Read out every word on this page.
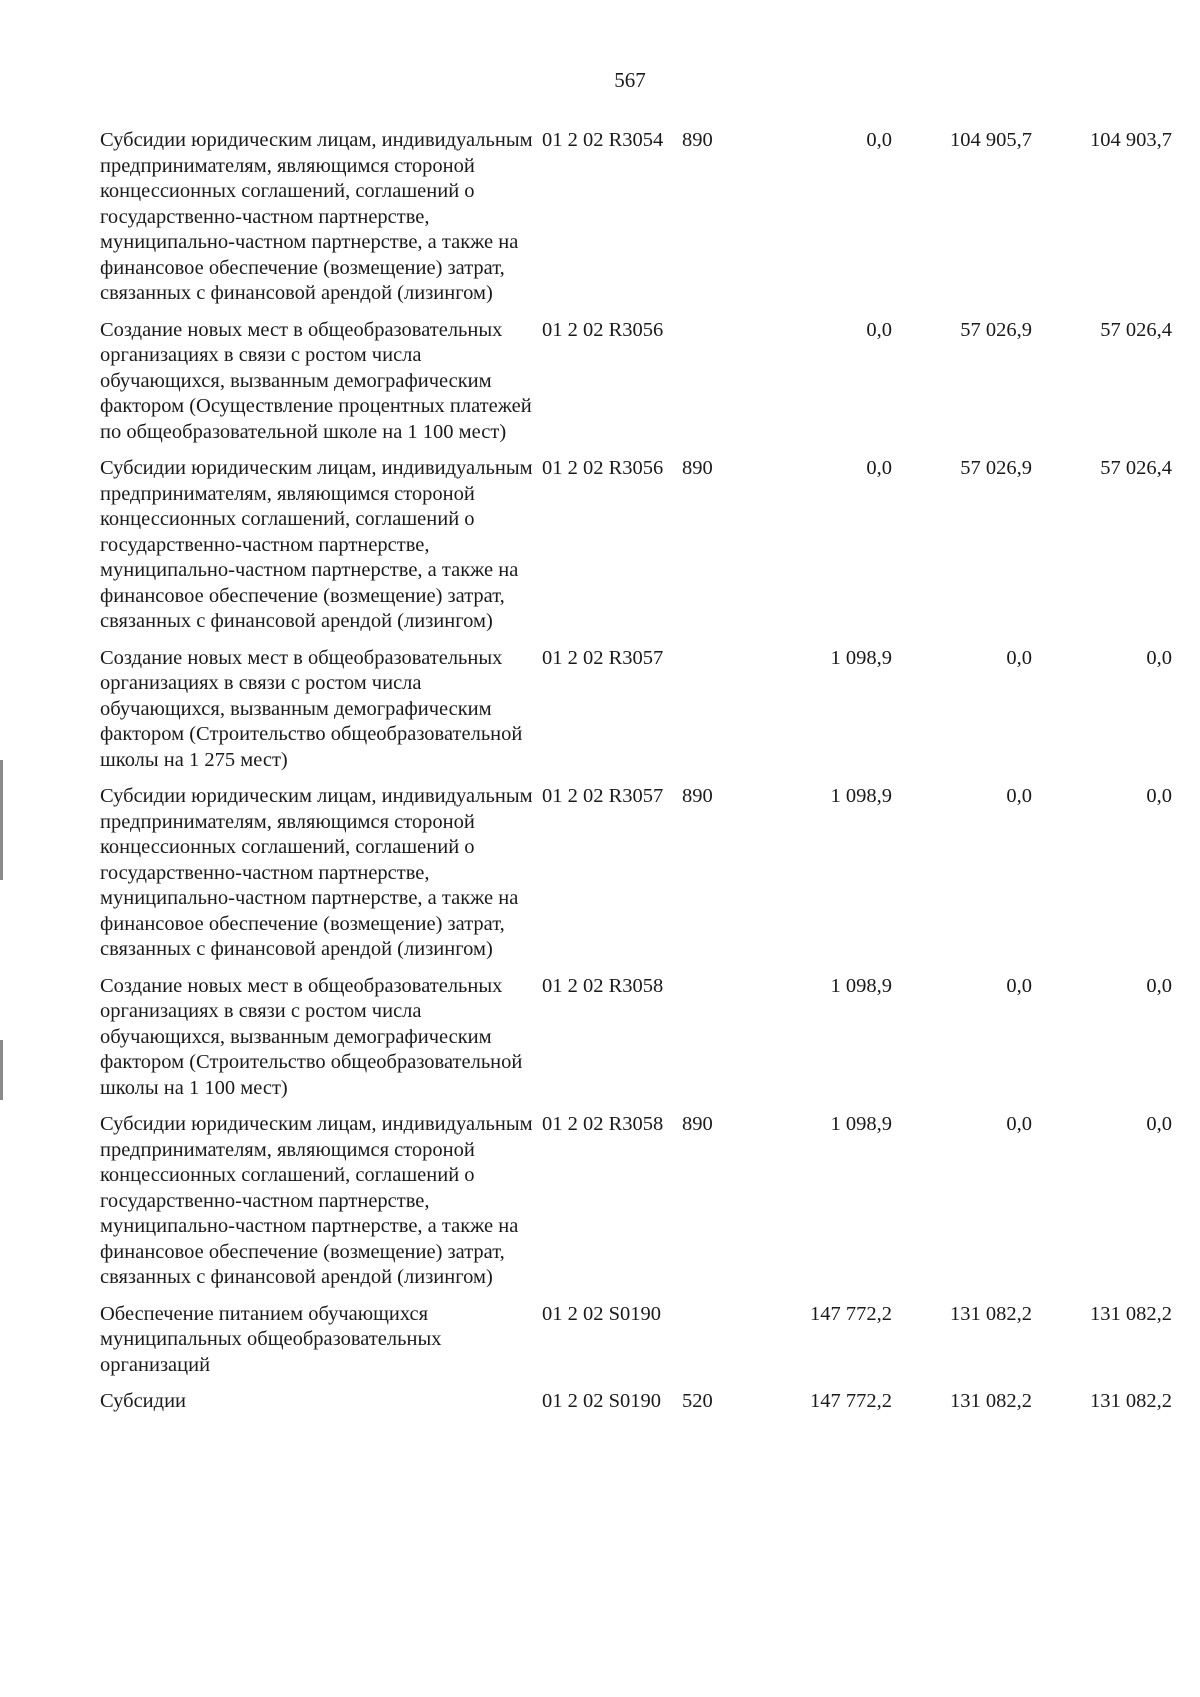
567
Субсидии юридическим лицам, индивидуальным предпринимателям, являющимся стороной концессионных соглашений, соглашений о государственно-частном партнерстве, муниципально-частном партнерстве, а также на финансовое обеспечение (возмещение) затрат, связанных с финансовой арендой (лизингом)	01 2 02 R3054	890	0,0	104 905,7	104 903,7
Создание новых мест в общеобразовательных организациях в связи с ростом числа обучающихся, вызванным демографическим фактором (Осуществление процентных платежей по общеобразовательной школе на 1 100 мест)	01 2 02 R3056		0,0	57 026,9	57 026,4
Субсидии юридическим лицам, индивидуальным предпринимателям, являющимся стороной концессионных соглашений, соглашений о государственно-частном партнерстве, муниципально-частном партнерстве, а также на финансовое обеспечение (возмещение) затрат, связанных с финансовой арендой (лизингом)	01 2 02 R3056	890	0,0	57 026,9	57 026,4
Создание новых мест в общеобразовательных организациях в связи с ростом числа обучающихся, вызванным демографическим фактором (Строительство общеобразовательной школы на 1 275 мест)	01 2 02 R3057		1 098,9	0,0	0,0
Субсидии юридическим лицам, индивидуальным предпринимателям, являющимся стороной концессионных соглашений, соглашений о государственно-частном партнерстве, муниципально-частном партнерстве, а также на финансовое обеспечение (возмещение) затрат, связанных с финансовой арендой (лизингом)	01 2 02 R3057	890	1 098,9	0,0	0,0
Создание новых мест в общеобразовательных организациях в связи с ростом числа обучающихся, вызванным демографическим фактором (Строительство общеобразовательной школы на 1 100 мест)	01 2 02 R3058		1 098,9	0,0	0,0
Субсидии юридическим лицам, индивидуальным предпринимателям, являющимся стороной концессионных соглашений, соглашений о государственно-частном партнерстве, муниципально-частном партнерстве, а также на финансовое обеспечение (возмещение) затрат, связанных с финансовой арендой (лизингом)	01 2 02 R3058	890	1 098,9	0,0	0,0
Обеспечение питанием обучающихся муниципальных общеобразовательных организаций	01 2 02 S0190		147 772,2	131 082,2	131 082,2
Субсидии	01 2 02 S0190	520	147 772,2	131 082,2	131 082,2
